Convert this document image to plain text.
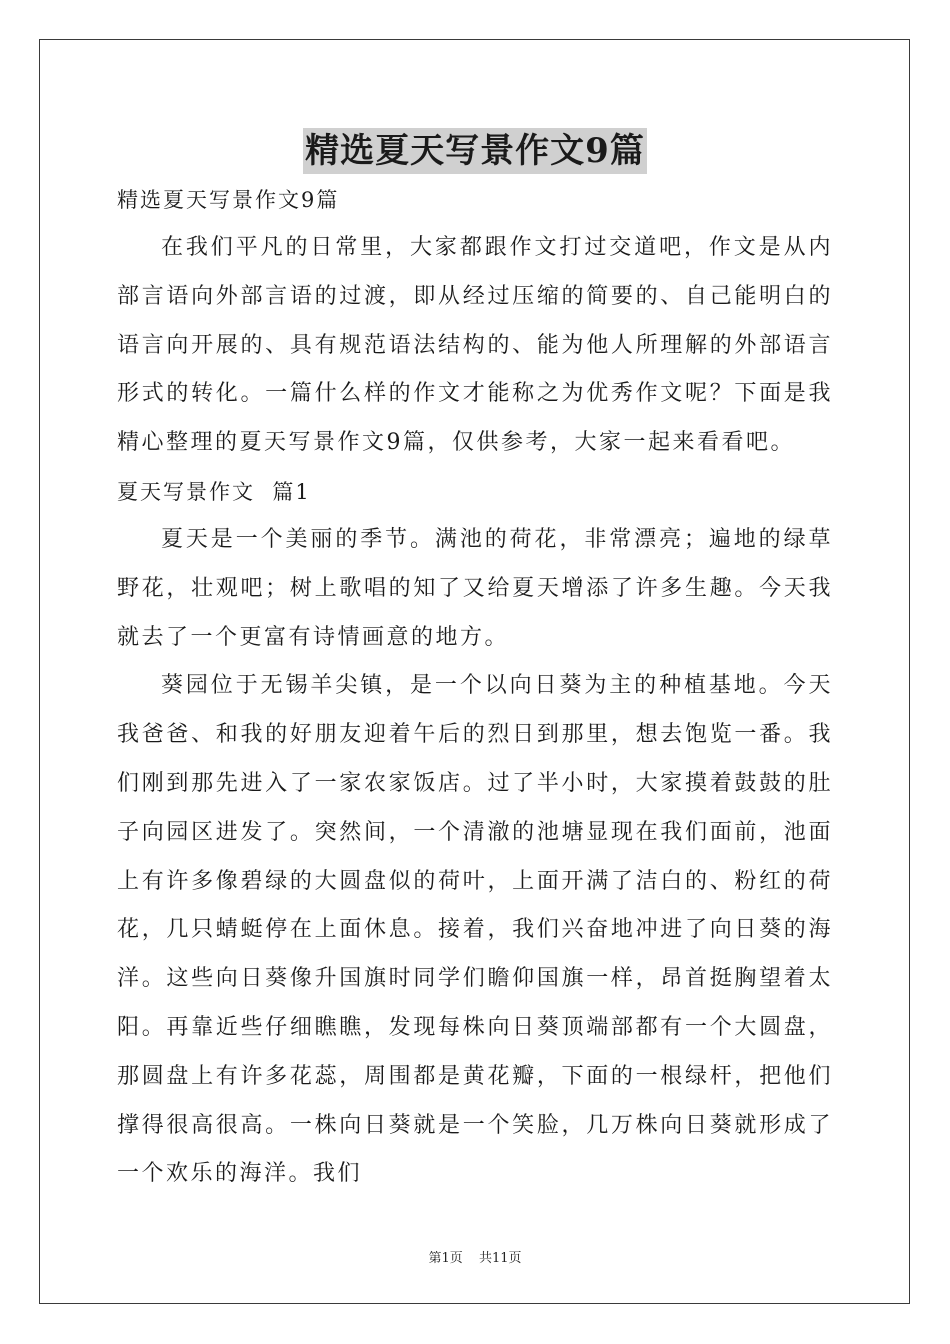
精选夏天写景作文9篇

精选夏天写景作文9篇

在我们平凡的日常里，大家都跟作文打过交道吧，作文是从内部言语向外部言语的过渡，即从经过压缩的简要的、自己能明白的语言向开展的、具有规范语法结构的、能为他人所理解的外部语言形式的转化。一篇什么样的作文才能称之为优秀作文呢？下面是我精心整理的夏天写景作文9篇，仅供参考，大家一起来看看吧。

夏天写景作文  篇1

夏天是一个美丽的季节。满池的荷花，非常漂亮；遍地的绿草野花，壮观吧；树上歌唱的知了又给夏天增添了许多生趣。今天我就去了一个更富有诗情画意的地方。

葵园位于无锡羊尖镇，是一个以向日葵为主的种植基地。今天我爸爸、和我的好朋友迎着午后的烈日到那里，想去饱览一番。我们刚到那先进入了一家农家饭店。过了半小时，大家摸着鼓鼓的肚子向园区进发了。突然间，一个清澈的池塘显现在我们面前，池面上有许多像碧绿的大圆盘似的荷叶，上面开满了洁白的、粉红的荷花，几只蜻蜓停在上面休息。接着，我们兴奋地冲进了向日葵的海洋。这些向日葵像升国旗时同学们瞻仰国旗一样，昂首挺胸望着太阳。再靠近些仔细瞧瞧，发现每株向日葵顶端部都有一个大圆盘，那圆盘上有许多花蕊，周围都是黄花瓣，下面的一根绿杆，把他们撑得很高很高。一株向日葵就是一个笑脸，几万株向日葵就形成了一个欢乐的海洋。我们

第1页 共11页
